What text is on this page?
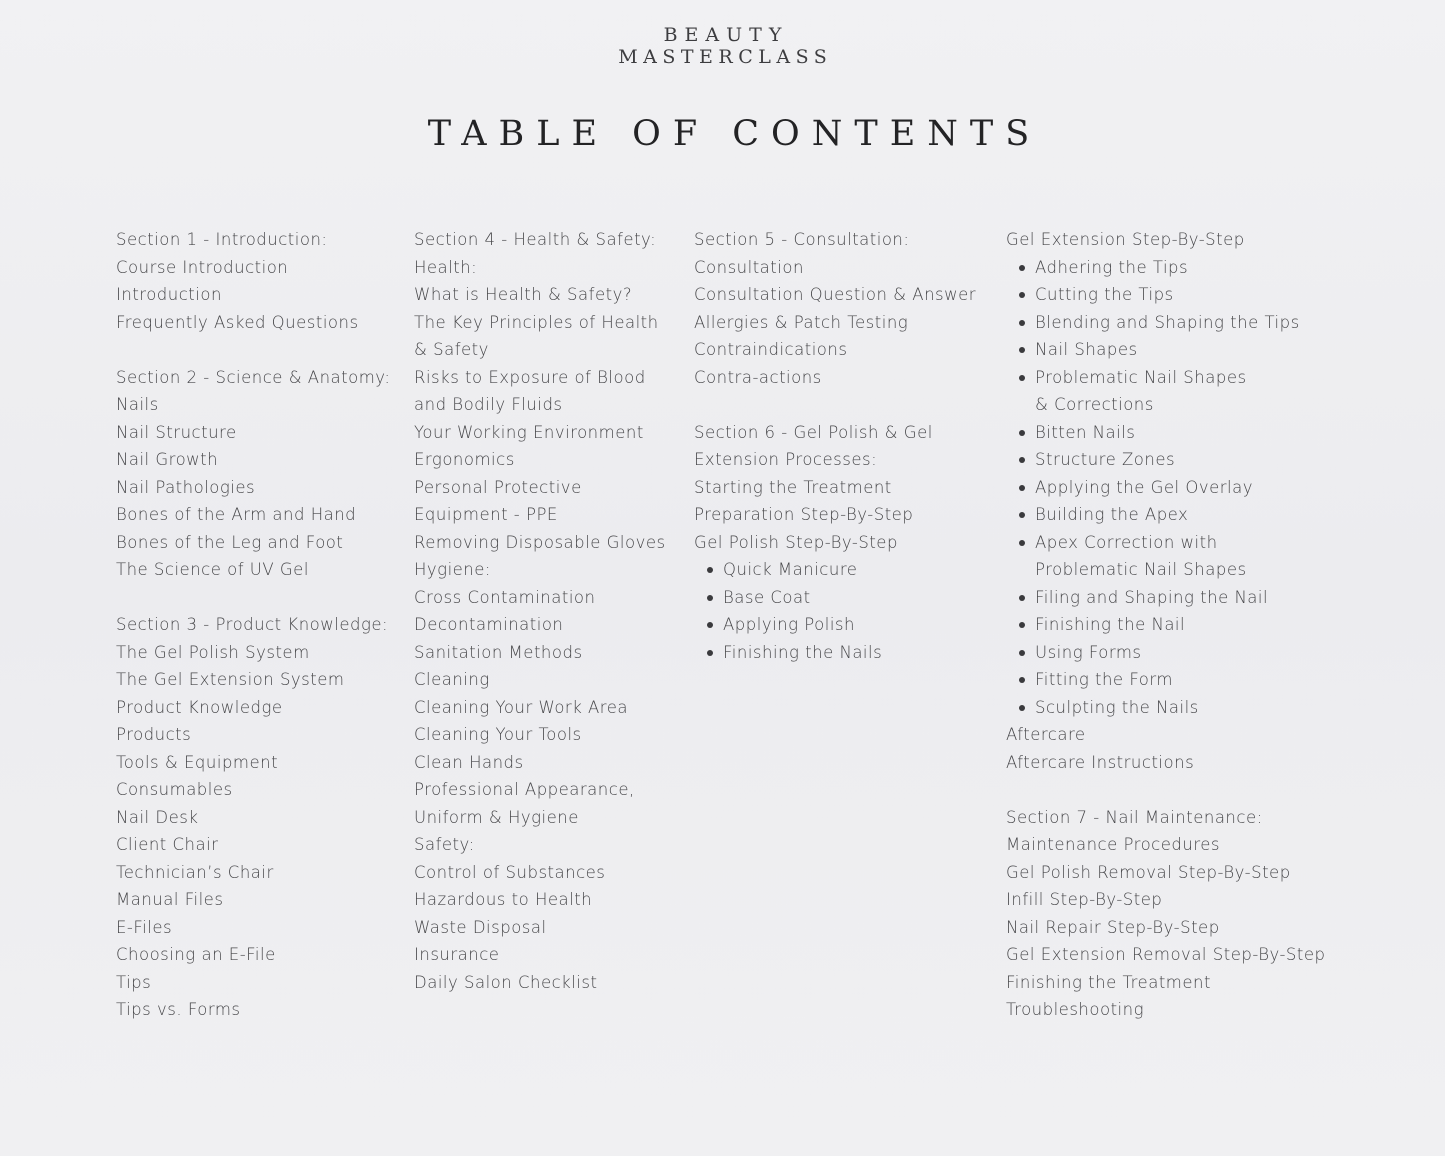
BEAUTY
MASTERCLASS
TABLE OF CONTENTS
Section 1 - Introduction:
Course Introduction
Introduction
Frequently Asked Questions
Section 2 - Science & Anatomy:
Nails
Nail Structure
Nail Growth
Nail Pathologies
Bones of the Arm and Hand
Bones of the Leg and Foot
The Science of UV Gel
Section 3 - Product Knowledge:
The Gel Polish System
The Gel Extension System
Product Knowledge
Products
Tools & Equipment
Consumables
Nail Desk
Client Chair
Technician’s Chair
Manual Files
E-Files
Choosing an E-File
Tips
Tips vs. Forms
Section 4 - Health & Safety:
Health:
What is Health & Safety?
The Key Principles of Health & Safety
Risks to Exposure of Blood and Bodily Fluids
Your Working Environment
Ergonomics
Personal Protective Equipment - PPE
Removing Disposable Gloves
Hygiene:
Cross Contamination
Decontamination
Sanitation Methods
Cleaning
Cleaning Your Work Area
Cleaning Your Tools
Clean Hands
Professional Appearance, Uniform & Hygiene
Safety:
Control of Substances
Hazardous to Health
Waste Disposal
Insurance
Daily Salon Checklist
Section 5 - Consultation:
Consultation
Consultation Question & Answer
Allergies & Patch Testing
Contraindications
Contra-actions
Section 6 - Gel Polish & Gel Extension Processes:
Starting the Treatment
Preparation Step-By-Step
Gel Polish Step-By-Step
Quick Manicure
Base Coat
Applying Polish
Finishing the Nails
Gel Extension Step-By-Step
Adhering the Tips
Cutting the Tips
Blending and Shaping the Tips
Nail Shapes
Problematic Nail Shapes & Corrections
Bitten Nails
Structure Zones
Applying the Gel Overlay
Building the Apex
Apex Correction with Problematic Nail Shapes
Filing and Shaping the Nail
Finishing the Nail
Using Forms
Fitting the Form
Sculpting the Nails
Aftercare
Aftercare Instructions
Section 7 - Nail Maintenance:
Maintenance Procedures
Gel Polish Removal Step-By-Step
Infill Step-By-Step
Nail Repair Step-By-Step
Gel Extension Removal Step-By-Step
Finishing the Treatment
Troubleshooting
